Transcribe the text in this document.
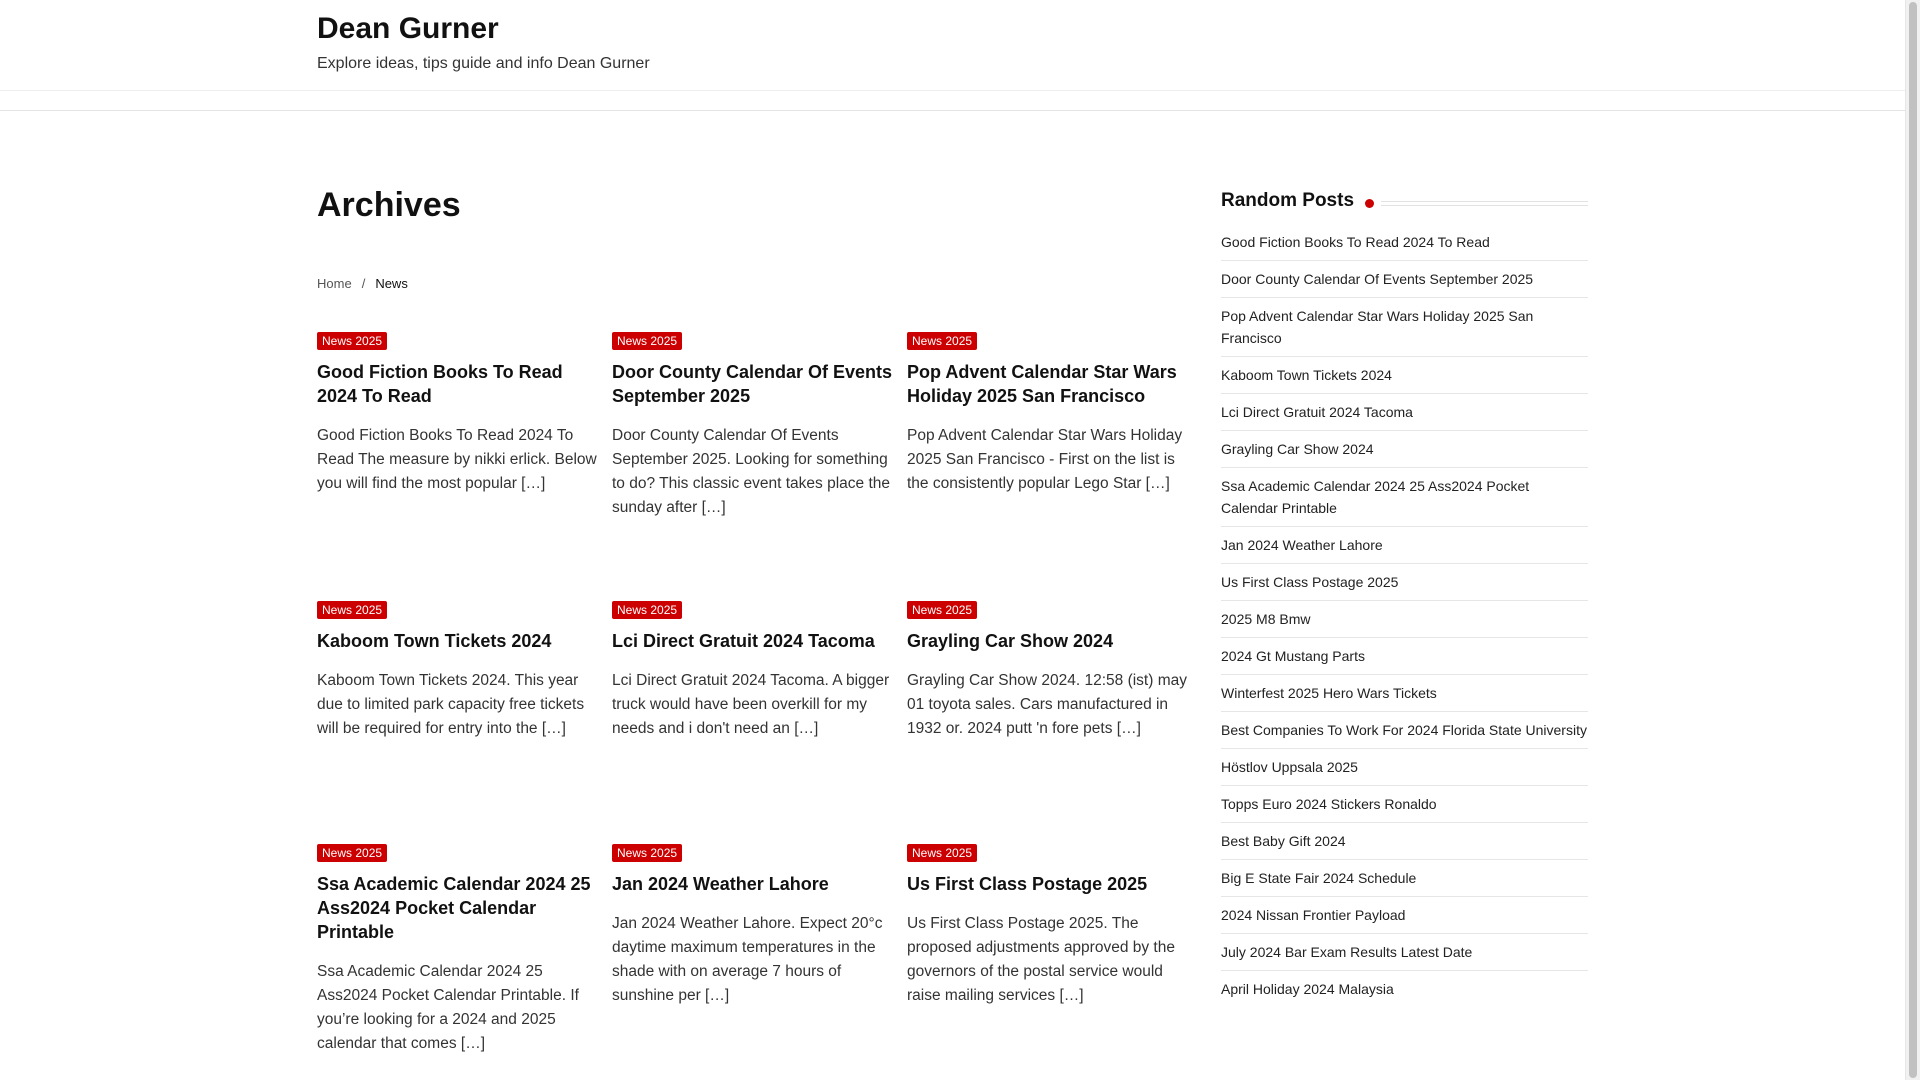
Dean Gurner
Explore ideas, tips guide and info Dean Gurner
Archives
Home / News
News 2025
Good Fiction Books To Read 2024 To Read

Good Fiction Books To Read 2024 To Read The measure by nikki erlick. Below you will find the most popular […]

News 2025
Door County Calendar Of Events September 2025

Door County Calendar Of Events September 2025. Looking for something to do? This classic event takes place the sunday after […]

News 2025
Pop Advent Calendar Star Wars Holiday 2025 San Francisco

Pop Advent Calendar Star Wars Holiday 2025 San Francisco - First on the list is the consistently popular Lego Star […]

News 2025
Kaboom Town Tickets 2024

Kaboom Town Tickets 2024. This year due to limited park capacity free tickets will be required for entry into the […]

News 2025
Lci Direct Gratuit 2024 Tacoma

Lci Direct Gratuit 2024 Tacoma. A bigger truck would have been overkill for my needs and i don't need an […]

News 2025
Grayling Car Show 2024

Grayling Car Show 2024. 12:58 (ist) may 01 toyota sales. Cars manufactured in 1932 or. 2024 putt 'n fore pets […]

News 2025
Ssa Academic Calendar 2024 25 Ass2024 Pocket Calendar Printable

Ssa Academic Calendar 2024 25 Ass2024 Pocket Calendar Printable. If you’re looking for a 2024 and 2025 calendar that comes […]

News 2025
Jan 2024 Weather Lahore

Jan 2024 Weather Lahore. Expect 20°c daytime maximum temperatures in the shade with on average 7 hours of sunshine per […]

News 2025
Us First Class Postage 2025

Us First Class Postage 2025. The proposed adjustments approved by the governors of the postal service would raise mailing services […]

Random Posts
Good Fiction Books To Read 2024 To Read
Door County Calendar Of Events September 2025
Pop Advent Calendar Star Wars Holiday 2025 San Francisco
Kaboom Town Tickets 2024
Lci Direct Gratuit 2024 Tacoma
Grayling Car Show 2024
Ssa Academic Calendar 2024 25 Ass2024 Pocket Calendar Printable
Jan 2024 Weather Lahore
Us First Class Postage 2025
2025 M8 Bmw
2024 Gt Mustang Parts
Winterfest 2025 Hero Wars Tickets
Best Companies To Work For 2024 Florida State University
Höstlov Uppsala 2025
Topps Euro 2024 Stickers Ronaldo
Best Baby Gift 2024
Big E State Fair 2024 Schedule
2024 Nissan Frontier Payload
July 2024 Bar Exam Results Latest Date
April Holiday 2024 Malaysia
